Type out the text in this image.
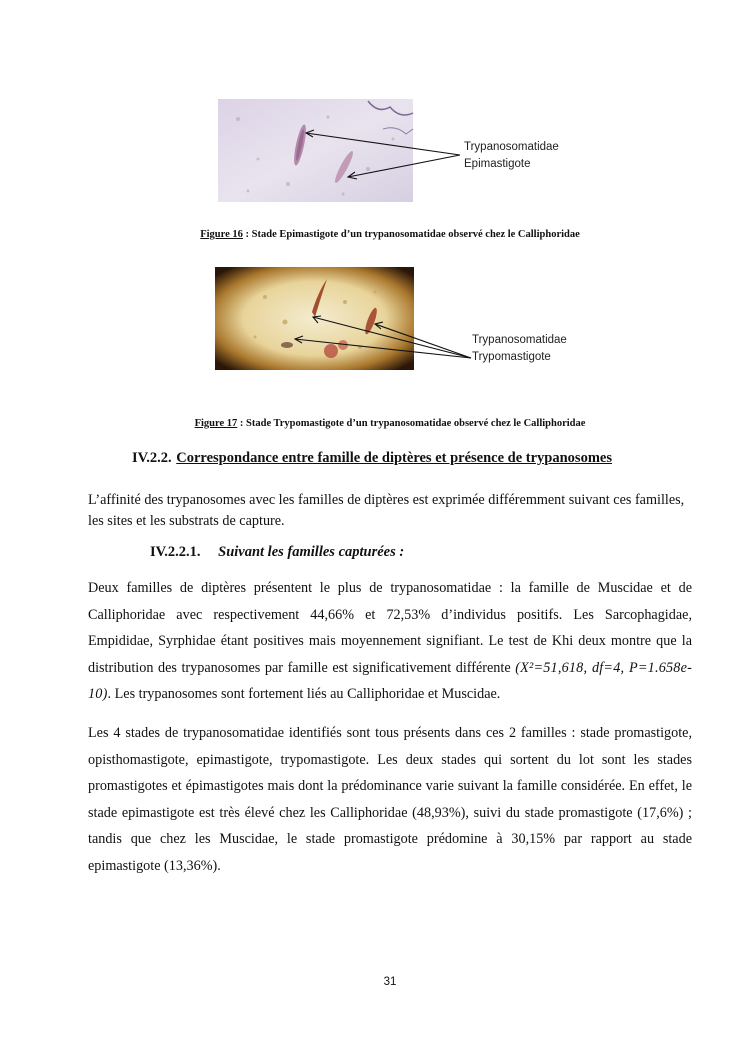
Trypanosomatidae
Epimastigote
Figure 16 : Stade Epimastigote d’un trypanosomatidae observé chez le Calliphoridae
Trypanosomatidae
Trypomastigote
Figure 17 : Stade Trypomastigote d’un trypanosomatidae observé chez le Calliphoridae
IV.2.2. Correspondance entre famille de diptères et présence de trypanosomes

L’affinité des trypanosomes avec les familles de diptères est exprimée différemment suivant ces familles, les sites et les substrats de capture.

IV.2.2.1. Suivant les familles capturées :

Deux familles de diptères présentent le plus de trypanosomatidae : la famille de Muscidae et de Calliphoridae avec respectivement 44,66% et 72,53% d’individus positifs. Les Sarcophagidae, Empididae, Syrphidae étant positives mais moyennement signifiant. Le test de Khi deux montre que la distribution des trypanosomes par famille est significativement différente (X²=51,618, df=4, P=1.658e-10). Les trypanosomes sont fortement liés au Calliphoridae et Muscidae.

Les 4 stades de trypanosomatidae identifiés sont tous présents dans ces 2 familles : stade promastigote, opisthomastigote, epimastigote, trypomastigote. Les deux stades qui sortent du lot sont les stades promastigotes et épimastigotes mais dont la prédominance varie suivant la famille considérée. En effet, le stade epimastigote est très élevé chez les Calliphoridae (48,93%), suivi du stade promastigote (17,6%) ; tandis que chez les Muscidae, le stade promastigote prédomine à 30,15% par rapport au stade epimastigote (13,36%).

31
